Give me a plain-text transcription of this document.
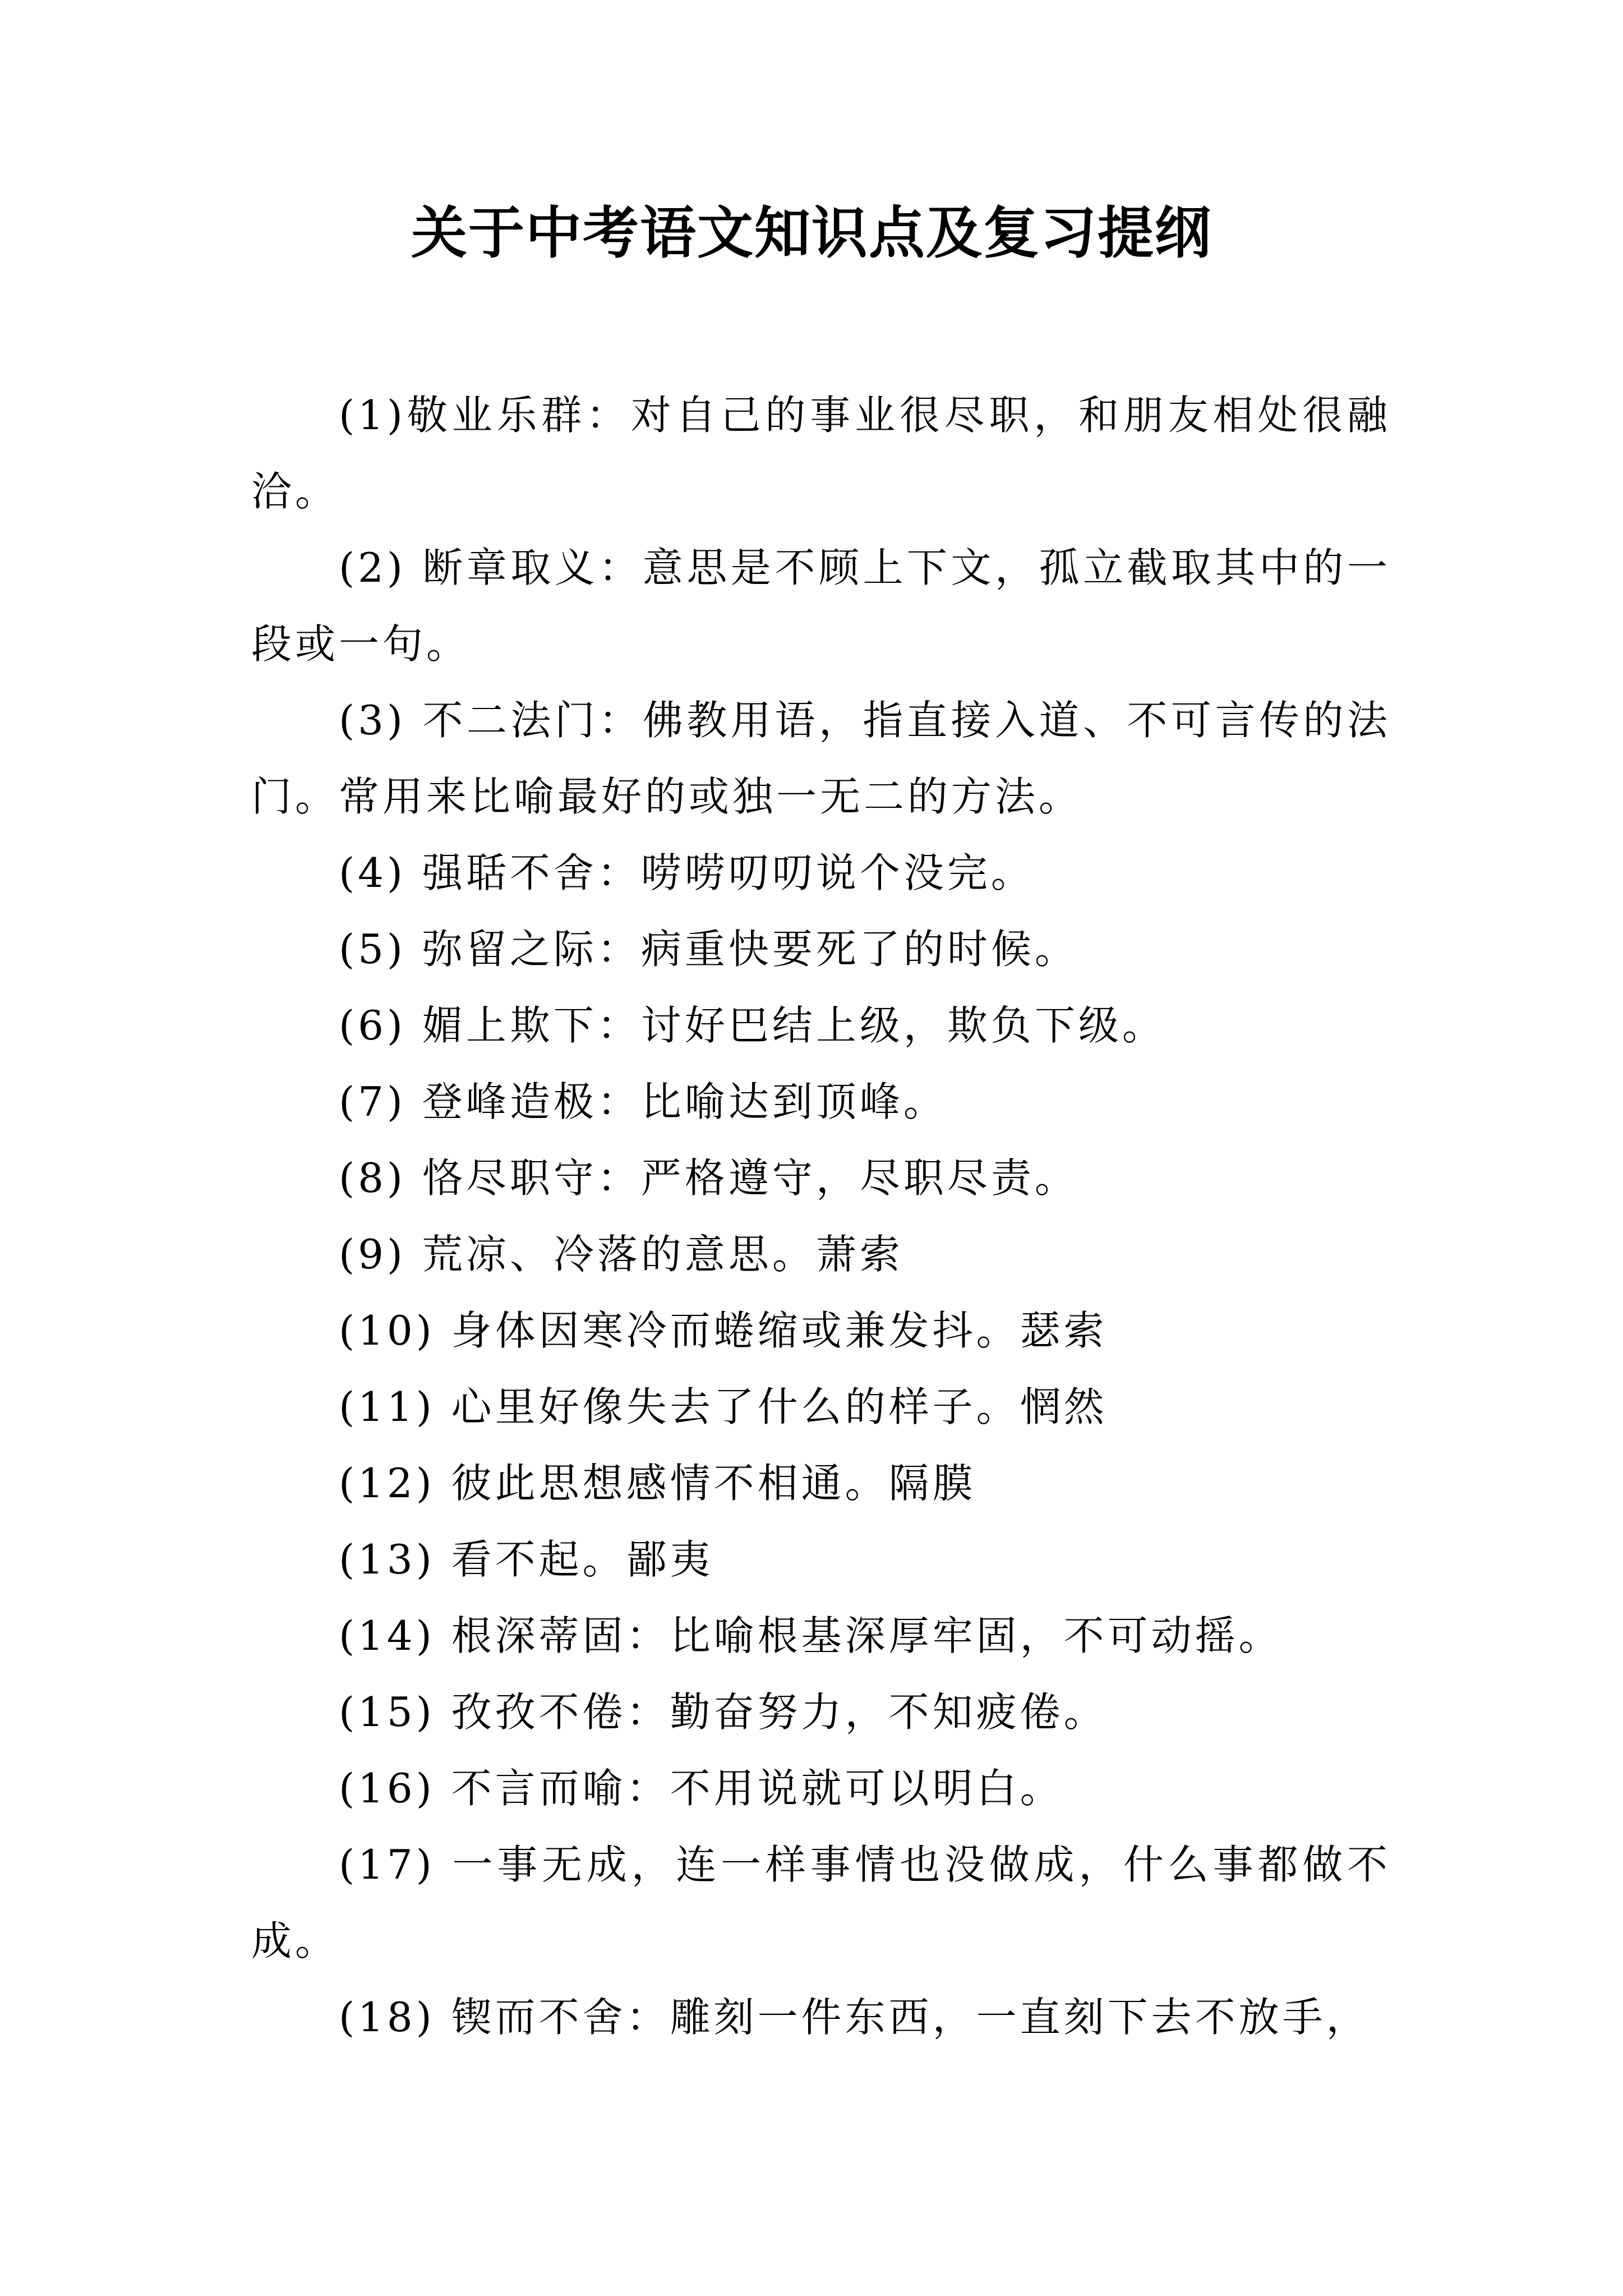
关于中考语文知识点及复习提纲

(1)敬业乐群：对自己的事业很尽职，和朋友相处很融洽。

(2) 断章取义：意思是不顾上下文，孤立截取其中的一段或一句。

(3) 不二法门：佛教用语，指直接入道、不可言传的法门。常用来比喻最好的或独一无二的方法。

(4) 强聒不舍：唠唠叨叨说个没完。

(5) 弥留之际：病重快要死了的时候。

(6) 媚上欺下：讨好巴结上级，欺负下级。

(7) 登峰造极：比喻达到顶峰。

(8) 恪尽职守：严格遵守，尽职尽责。

(9) 荒凉、冷落的意思。萧索

(10) 身体因寒冷而蜷缩或兼发抖。瑟索

(11) 心里好像失去了什么的样子。惘然

(12) 彼此思想感情不相通。隔膜

(13) 看不起。鄙夷

(14) 根深蒂固：比喻根基深厚牢固，不可动摇。

(15) 孜孜不倦：勤奋努力，不知疲倦。

(16) 不言而喻：不用说就可以明白。

(17) 一事无成，连一样事情也没做成，什么事都做不成。

(18) 锲而不舍：雕刻一件东西，一直刻下去不放手，
